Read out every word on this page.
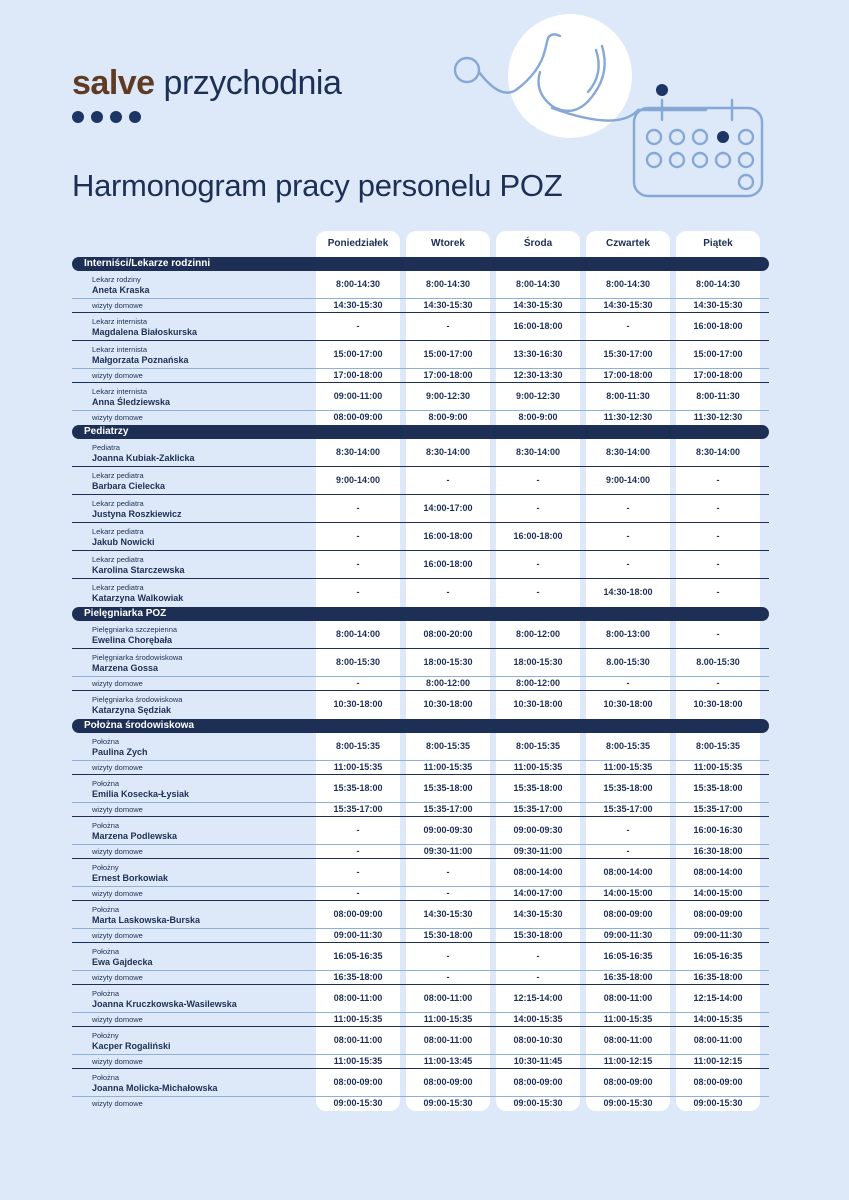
salve przychodnia
Harmonogram pracy personelu POZ
Poniedziałek	Wtorek	Środa	Czwartek	Piątek
Interniści/Lekarze rodzinni
Lekarz rodziny
Aneta Kraska
8:00-14:30	8:00-14:30	8:00-14:30	8:00-14:30	8:00-14:30
wizyty domowe	14:30-15:30	14:30-15:30	14:30-15:30	14:30-15:30	14:30-15:30
Lekarz internista
Magdalena Białoskurska
-	-	16:00-18:00	-	16:00-18:00
Lekarz internista
Małgorzata Poznańska
15:00-17:00	15:00-17:00	13:30-16:30	15:30-17:00	15:00-17:00
wizyty domowe	17:00-18:00	17:00-18:00	12:30-13:30	17:00-18:00	17:00-18:00
Lekarz internista
Anna Śledziewska
09:00-11:00	9:00-12:30	9:00-12:30	8:00-11:30	8:00-11:30
wizyty domowe	08:00-09:00	8:00-9:00	8:00-9:00	11:30-12:30	11:30-12:30
Pediatrzy
Pediatra
Joanna Kubiak-Zaklicka
8:30-14:00	8:30-14:00	8:30-14:00	8:30-14:00	8:30-14:00
Lekarz pediatra
Barbara Cielecka
9:00-14:00	-	-	9:00-14:00	-
Lekarz pediatra
Justyna Roszkiewicz
-	14:00-17:00	-	-	-
Lekarz pediatra
Jakub Nowicki
-	16:00-18:00	16:00-18:00	-	-
Lekarz pediatra
Karolina Starczewska
-	16:00-18:00	-	-	-
Lekarz pediatra
Katarzyna Walkowiak
-	-	-	14:30-18:00	-
Pielęgniarka POZ
Pielęgniarka szczepienna
Ewelina Chorębała
8:00-14:00	08:00-20:00	8:00-12:00	8:00-13:00	-
Pielęgniarka środowiskowa
Marzena Gossa
8:00-15:30	18:00-15:30	18:00-15:30	8.00-15:30	8.00-15:30
wizyty domowe	-	8:00-12:00	8:00-12:00	-	-
Pielęgniarka środowiskowa
Katarzyna Sędziak
10:30-18:00	10:30-18:00	10:30-18:00	10:30-18:00	10:30-18:00
Położna środowiskowa
Położna
Paulina Zych
8:00-15:35	8:00-15:35	8:00-15:35	8:00-15:35	8:00-15:35
wizyty domowe	11:00-15:35	11:00-15:35	11:00-15:35	11:00-15:35	11:00-15:35
Położna
Emilia Kosecka-Łysiak
15:35-18:00	15:35-18:00	15:35-18:00	15:35-18:00	15:35-18:00
wizyty domowe	15:35-17:00	15:35-17:00	15:35-17:00	15:35-17:00	15:35-17:00
Położna
Marzena Podlewska
-	09:00-09:30	09:00-09:30	-	16:00-16:30
wizyty domowe	-	09:30-11:00	09:30-11:00	-	16:30-18:00
Położny
Ernest Borkowiak
-	-	08:00-14:00	08:00-14:00	08:00-14:00
wizyty domowe	-	-	14:00-17:00	14:00-15:00	14:00-15:00
Położna
Marta Laskowska-Burska
08:00-09:00	14:30-15:30	14:30-15:30	08:00-09:00	08:00-09:00
wizyty domowe	09:00-11:30	15:30-18:00	15:30-18:00	09:00-11:30	09:00-11:30
Położna
Ewa Gajdecka
16:05-16:35	-	-	16:05-16:35	16:05-16:35
wizyty domowe	16:35-18:00	-	-	16:35-18:00	16:35-18:00
Położna
Joanna Kruczkowska-Wasilewska
08:00-11:00	08:00-11:00	12:15-14:00	08:00-11:00	12:15-14:00
wizyty domowe	11:00-15:35	11:00-15:35	14:00-15:35	11:00-15:35	14:00-15:35
Położny
Kacper Rogaliński
08:00-11:00	08:00-11:00	08:00-10:30	08:00-11:00	08:00-11:00
wizyty domowe	11:00-15:35	11:00-13:45	10:30-11:45	11:00-12:15	11:00-12:15
Położna
Joanna Molicka-Michałowska
08:00-09:00	08:00-09:00	08:00-09:00	08:00-09:00	08:00-09:00
wizyty domowe	09:00-15:30	09:00-15:30	09:00-15:30	09:00-15:30	09:00-15:30
